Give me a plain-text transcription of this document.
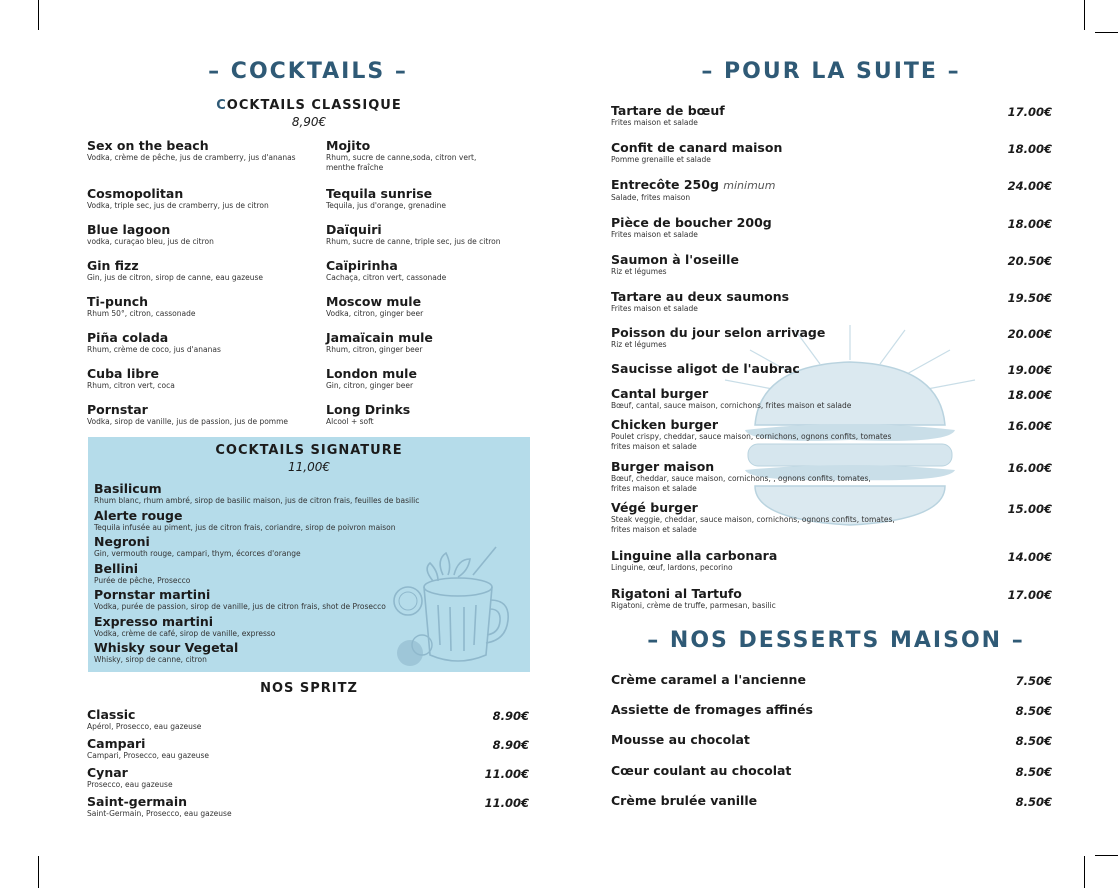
– COCKTAILS –
COCKTAILS CLASSIQUE
8,90€
Sex on the beach
Vodka, crème de pêche, jus de cramberry, jus d'ananas
Cosmopolitan
Vodka, triple sec, jus de cramberry, jus de citron
Blue lagoon
vodka, curaçao bleu, jus de citron
Gin fizz
Gin, jus de citron, sirop de canne, eau gazeuse
Ti-punch
Rhum 50°, citron, cassonade
Piña colada
Rhum, crème de coco, jus d'ananas
Cuba libre
Rhum, citron vert, coca
Pornstar
Vodka, sirop de vanille, jus de passion, jus de pomme
Mojito
Rhum, sucre de canne,soda, citron vert,
menthe fraîche
Tequila sunrise
Tequila, jus d'orange, grenadine
Daïquiri
Rhum, sucre de canne, triple sec, jus de citron
Caïpirinha
Cachaça, citron vert, cassonade
Moscow mule
Vodka, citron, ginger beer
Jamaïcain mule
Rhum, citron, ginger beer
London mule
Gin, citron, ginger beer
Long Drinks
Alcool + soft
COCKTAILS SIGNATURE
11,00€
Basilicum
Rhum blanc, rhum ambré, sirop de basilic maison, jus de citron frais, feuilles de basilic
Alerte rouge
Tequila infusée au piment, jus de citron frais, coriandre, sirop de poivron maison
Negroni
Gin, vermouth rouge, campari, thym, écorces d'orange
Bellini
Purée de pêche, Prosecco
Pornstar martini
Vodka, purée de passion, sirop de vanille, jus de citron frais, shot de Prosecco
Expresso martini
Vodka, crème de café, sirop de vanille, expresso
Whisky sour Vegetal
Whisky, sirop de canne, citron
NOS SPRITZ
Classic
Apérol, Prosecco, eau gazeuse
8.90€
Campari
Campari, Prosecco, eau gazeuse
8.90€
Cynar
Prosecco, eau gazeuse
11.00€
Saint-germain
Saint-Germain, Prosecco, eau gazeuse
11.00€
– POUR LA SUITE –
Tartare de bœuf
Frites maison et salade
17.00€
Confit de canard maison
Pomme grenaille et salade
18.00€
Entrecôte 250g minimum
Salade, frites maison
24.00€
Pièce de boucher 200g
Frites maison et salade
18.00€
Saumon à l'oseille
Riz et légumes
20.50€
Tartare au deux saumons
Frites maison et salade
19.50€
Poisson du jour selon arrivage
Riz et légumes
20.00€
Saucisse aligot de l'aubrac	19.00€
Cantal burger
Bœuf, cantal, sauce maison, cornichons, frites maison et salade
18.00€
Chicken burger
Poulet crispy, cheddar, sauce maison, cornichons, ognons confits, tomates
frites maison et salade
16.00€
Burger maison
Bœuf, cheddar, sauce maison, cornichons, , ognons confits, tomates,
frites maison et salade
16.00€
Végé burger
Steak veggie, cheddar, sauce maison, cornichons, ognons confits, tomates,
frites maison et salade
15.00€
Linguine alla carbonara
Linguine, œuf, lardons, pecorino
14.00€
Rigatoni al Tartufo
Rigatoni, crème de truffe, parmesan, basilic
17.00€
– NOS DESSERTS MAISON –
Crème caramel a l'ancienne	7.50€
Assiette de fromages affinés	8.50€
Mousse au chocolat	8.50€
Cœur coulant au chocolat	8.50€
Crème brulée vanille	8.50€
